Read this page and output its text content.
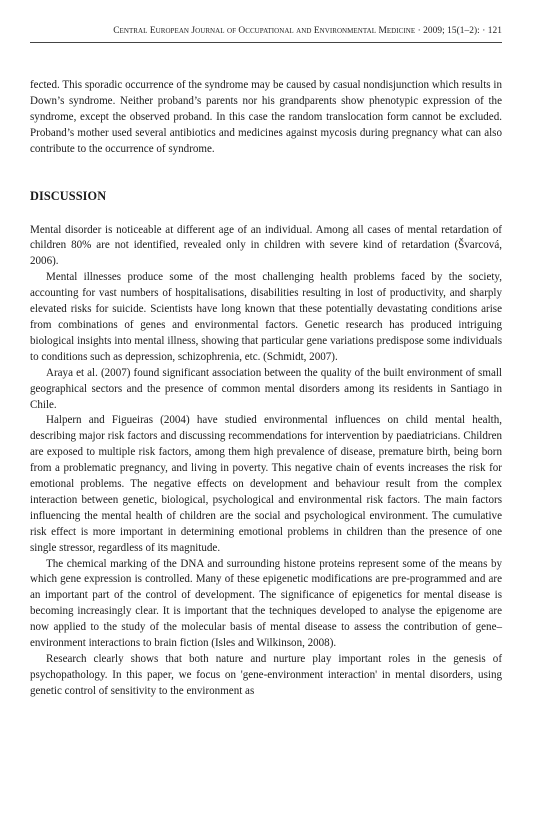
Central European Journal of Occupational and Environmental Medicine · 2009; 15(1–2): · 121

fected. This sporadic occurrence of the syndrome may be caused by casual nondisjunction which results in Down’s syndrome. Neither proband’s parents nor his grandparents show phenotypic expression of the syndrome, except the observed proband. In this case the random translocation form cannot be excluded. Proband’s mother used several antibiotics and medicines against mycosis during pregnancy what can also contribute to the occurrence of syndrome.

DISCUSSION

Mental disorder is noticeable at different age of an individual. Among all cases of mental retardation of children 80% are not identified, revealed only in children with severe kind of retardation (Švarcová, 2006).

Mental illnesses produce some of the most challenging health problems faced by the society, accounting for vast numbers of hospitalisations, disabilities resulting in lost of productivity, and sharply elevated risks for suicide. Scientists have long known that these potentially devastating conditions arise from combinations of genes and environmental factors. Genetic research has produced intriguing biological insights into mental illness, showing that particular gene variations predispose some individuals to conditions such as depression, schizophrenia, etc. (Schmidt, 2007).

Araya et al. (2007) found significant association between the quality of the built environment of small geographical sectors and the presence of common mental disorders among its residents in Santiago in Chile.

Halpern and Figueiras (2004) have studied environmental influences on child mental health, describing major risk factors and discussing recommendations for intervention by paediatricians. Children are exposed to multiple risk factors, among them high prevalence of disease, premature birth, being born from a problematic pregnancy, and living in poverty. This negative chain of events increases the risk for emotional problems. The negative effects on development and behaviour result from the complex interaction between genetic, biological, psychological and environmental risk factors. The main factors influencing the mental health of children are the social and psychological environment. The cumulative risk effect is more important in determining emotional problems in children than the presence of one single stressor, regardless of its magnitude.

The chemical marking of the DNA and surrounding histone proteins represent some of the means by which gene expression is controlled. Many of these epigenetic modifications are pre-programmed and are an important part of the control of development. The significance of epigenetics for mental disease is becoming increasingly clear. It is important that the techniques developed to analyse the epigenome are now applied to the study of the molecular basis of mental disease to assess the contribution of gene–environment interactions to brain fiction (Isles and Wilkinson, 2008).

Research clearly shows that both nature and nurture play important roles in the genesis of psychopathology. In this paper, we focus on 'gene-environment interaction' in mental disorders, using genetic control of sensitivity to the environment as
